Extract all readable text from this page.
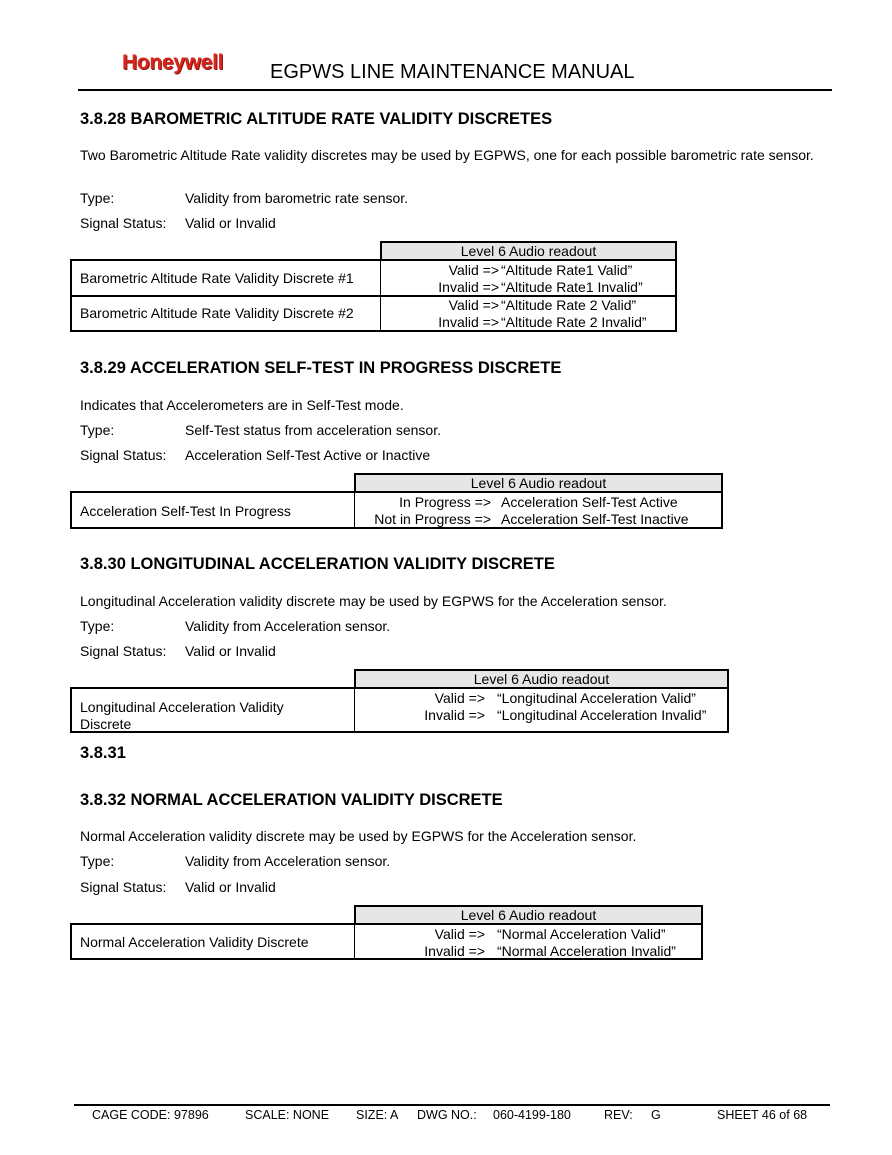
Honeywell EGPWS LINE MAINTENANCE MANUAL
3.8.28 BAROMETRIC ALTITUDE RATE VALIDITY DISCRETES
Two Barometric Altitude Rate validity discretes may be used by EGPWS, one for each possible barometric rate sensor.
Type:	Validity from barometric rate sensor.
Signal Status: Valid or Invalid
Level 6 Audio readout
Barometric Altitude Rate Validity Discrete #1	Valid => “Altitude Rate1 Valid”
Invalid => “Altitude Rate1 Invalid”
Barometric Altitude Rate Validity Discrete #2	Valid => “Altitude Rate 2 Valid”
Invalid => “Altitude Rate 2 Invalid”
3.8.29 ACCELERATION SELF-TEST IN PROGRESS DISCRETE
Indicates that Accelerometers are in Self-Test mode.
Type:	Self-Test status from acceleration sensor.
Signal Status: Acceleration Self-Test Active or Inactive
Level 6 Audio readout
Acceleration Self-Test In Progress
In Progress => Acceleration Self-Test Active
Not in Progress => Acceleration Self-Test Inactive
3.8.30 LONGITUDINAL ACCELERATION VALIDITY DISCRETE
Longitudinal Acceleration validity discrete may be used by EGPWS for the Acceleration sensor.
Type:	Validity from Acceleration sensor.
Signal Status: Valid or Invalid
Level 6 Audio readout
Longitudinal Acceleration Validity
Discrete
Valid => “Longitudinal Acceleration Valid”
Invalid => “Longitudinal Acceleration Invalid”
3.8.31
3.8.32 NORMAL ACCELERATION VALIDITY DISCRETE
Normal Acceleration validity discrete may be used by EGPWS for the Acceleration sensor.
Type:	Validity from Acceleration sensor.
Signal Status: Valid or Invalid
Level 6 Audio readout
Normal Acceleration Validity Discrete	Valid => “Normal Acceleration Valid”
Invalid => “Normal Acceleration Invalid”
CAGE CODE: 97896	SCALE: NONE SIZE: A DWG NO.: 060-4199-180	REV: G	SHEET 46 of 68
